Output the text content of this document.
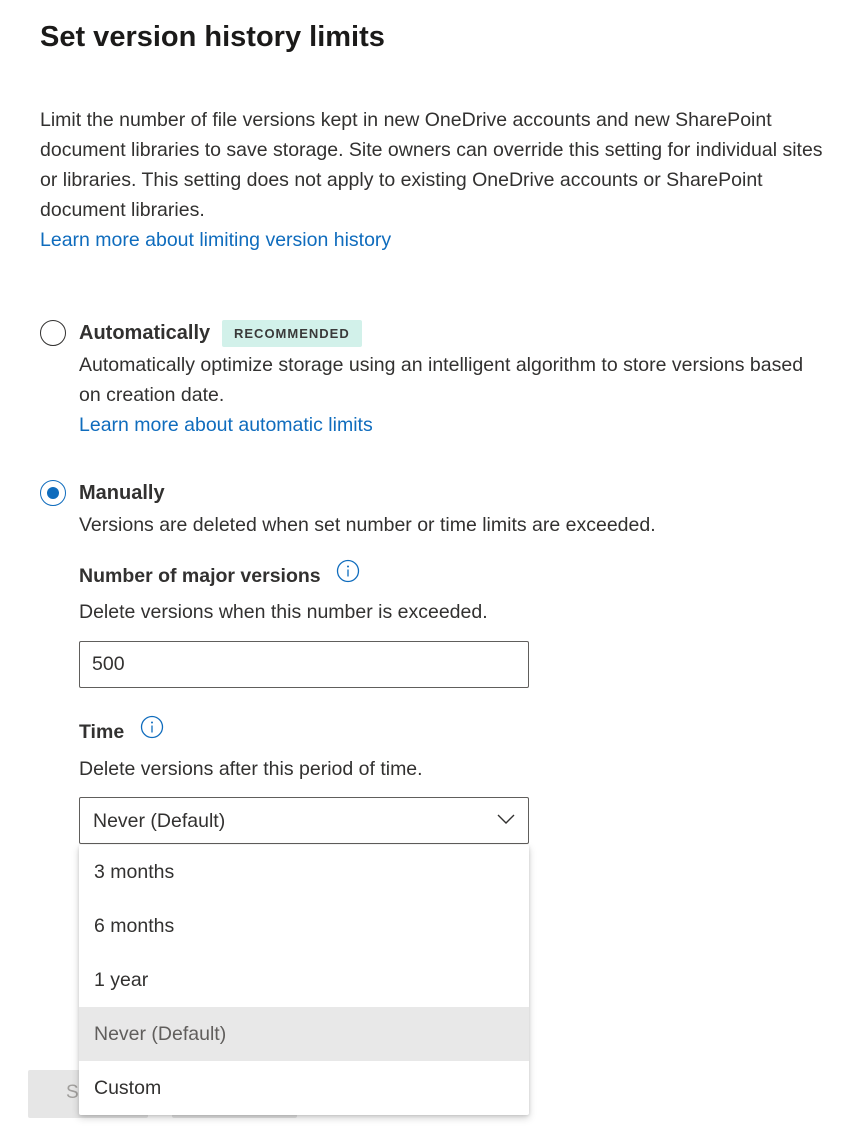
Set version history limits

Limit the number of file versions kept in new OneDrive accounts and new SharePoint document libraries to save storage. Site owners can override this setting for individual sites or libraries. This setting does not apply to existing OneDrive accounts or SharePoint document libraries.

Learn more about limiting version history
Automatically	RECOMMENDED

Automatically optimize storage using an intelligent algorithm to store versions based on creation date.

Learn more about automatic limits
Manually

Versions are deleted when set number or time limits are exceeded.

Number of major versions
Delete versions when this number is exceeded.
500
Time
Delete versions after this period of time.
Never (Default)
S
3 months
6 months
1 year
Never (Default)
Custom
